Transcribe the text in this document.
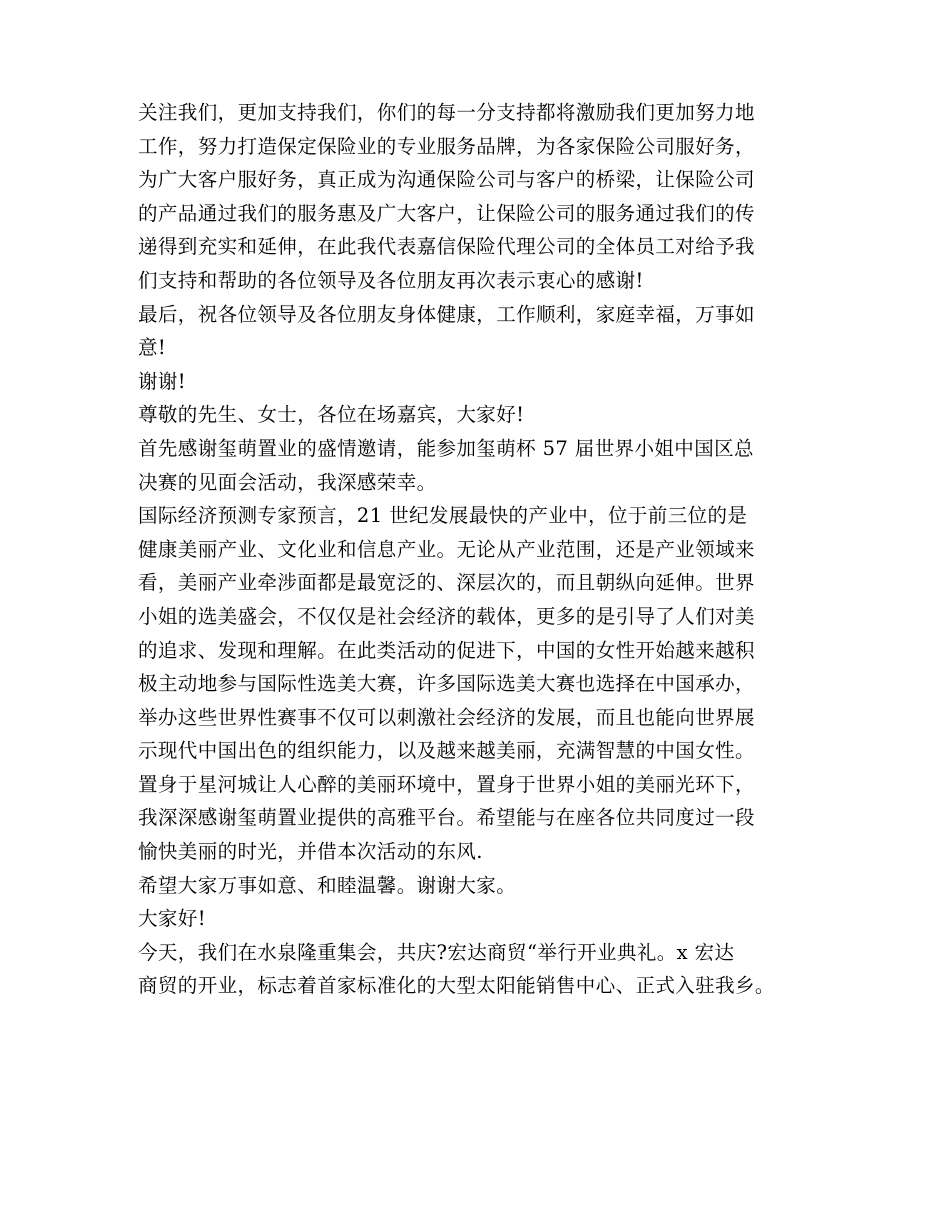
关注我们，更加支持我们，你们的每一分支持都将激励我们更加努力地
工作，努力打造保定保险业的专业服务品牌，为各家保险公司服好务，
为广大客户服好务，真正成为沟通保险公司与客户的桥梁，让保险公司
的产品通过我们的服务惠及广大客户，让保险公司的服务通过我们的传
递得到充实和延伸，在此我代表嘉信保险代理公司的全体员工对给予我
们支持和帮助的各位领导及各位朋友再次表示衷心的感谢!
最后，祝各位领导及各位朋友身体健康，工作顺利，家庭幸福，万事如
意!
谢谢!
尊敬的先生、女士，各位在场嘉宾，大家好!
首先感谢玺萌置业的盛情邀请，能参加玺萌杯 57 届世界小姐中国区总
决赛的见面会活动，我深感荣幸。
国际经济预测专家预言，21 世纪发展最快的产业中，位于前三位的是
健康美丽产业、文化业和信息产业。无论从产业范围，还是产业领域来
看，美丽产业牵涉面都是最宽泛的、深层次的，而且朝纵向延伸。世界
小姐的选美盛会，不仅仅是社会经济的载体，更多的是引导了人们对美
的追求、发现和理解。在此类活动的促进下，中国的女性开始越来越积
极主动地参与国际性选美大赛，许多国际选美大赛也选择在中国承办，
举办这些世界性赛事不仅可以刺激社会经济的发展，而且也能向世界展
示现代中国出色的组织能力，以及越来越美丽，充满智慧的中国女性。
置身于星河城让人心醉的美丽环境中，置身于世界小姐的美丽光环下，
我深深感谢玺萌置业提供的高雅平台。希望能与在座各位共同度过一段
愉快美丽的时光，并借本次活动的东风.
希望大家万事如意、和睦温馨。谢谢大家。
大家好!
今天，我们在水泉隆重集会，共庆?宏达商贸“举行开业典礼。x 宏达
商贸的开业，标志着首家标准化的大型太阳能销售中心、正式入驻我乡。
